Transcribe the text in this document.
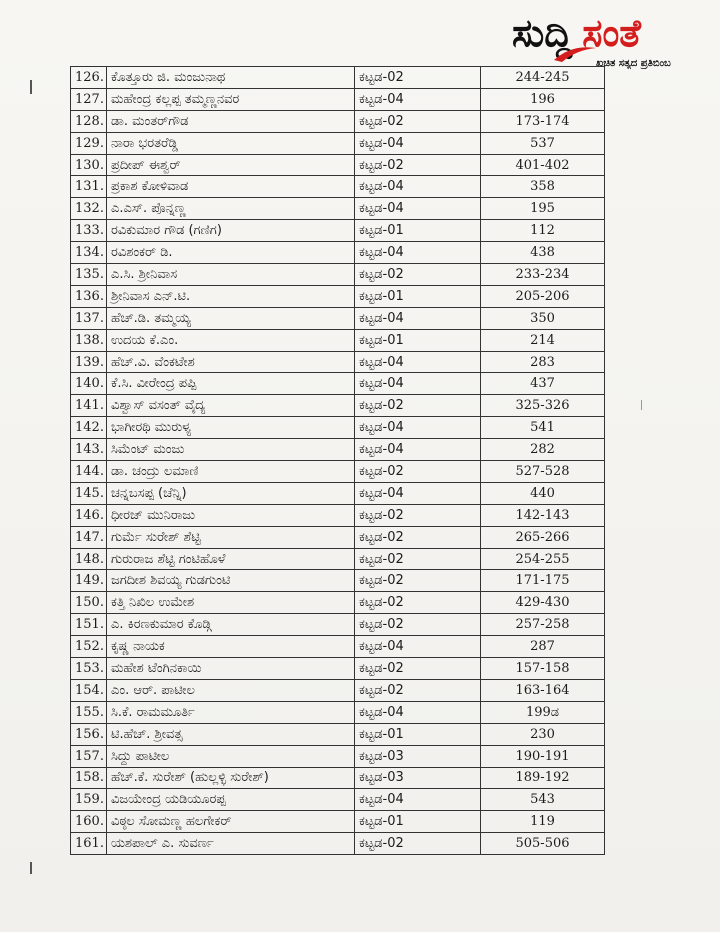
ಸುದ್ದಿ ಸಂತೆ
ಖಚಿತ ಸತ್ಯದ ಪ್ರತಿಬಿಂಬ
126.	ಕೊತ್ತೂರು ಜಿ. ಮಂಜುನಾಥ	ಕಟ್ಟಡ-02	244-245
127.	ಮಹೇಂದ್ರ ಕಲ್ಲಪ್ಪ ತಮ್ಮಣ್ಣನವರ	ಕಟ್ಟಡ-04	196
128.	ಡಾ. ಮಂತರ್‌ಗೌಡ	ಕಟ್ಟಡ-02	173-174
129.	ನಾರಾ ಭರತರೆಡ್ಡಿ	ಕಟ್ಟಡ-04	537
130.	ಪ್ರದೀಪ್ ಈಶ್ವರ್	ಕಟ್ಟಡ-02	401-402
131.	ಪ್ರಕಾಶ ಕೋಳಿವಾಡ	ಕಟ್ಟಡ-04	358
132.	ಎ.ಎಸ್. ಪೊನ್ನಣ್ಣ	ಕಟ್ಟಡ-04	195
133.	ರವಿಕುಮಾರ ಗೌಡ (ಗಣಿಗ)	ಕಟ್ಟಡ-01	112
134.	ರವಿಶಂಕರ್ ಡಿ.	ಕಟ್ಟಡ-04	438
135.	ಎ.ಸಿ. ಶ್ರೀನಿವಾಸ	ಕಟ್ಟಡ-02	233-234
136.	ಶ್ರೀನಿವಾಸ ಎನ್.ಟಿ.	ಕಟ್ಟಡ-01	205-206
137.	ಹೆಚ್.ಡಿ. ತಮ್ಮಯ್ಯ	ಕಟ್ಟಡ-04	350
138.	ಉದಯ ಕೆ.ಎಂ.	ಕಟ್ಟಡ-01	214
139.	ಹೆಚ್.ವಿ. ವೆಂಕಟೇಶ	ಕಟ್ಟಡ-04	283
140.	ಕೆ.ಸಿ. ವೀರೇಂದ್ರ ಪಪ್ಪಿ	ಕಟ್ಟಡ-04	437
141.	ವಿಶ್ವಾಸ್ ವಸಂತ್ ವೈದ್ಯ	ಕಟ್ಟಡ-02	325-326
142.	ಭಾಗೀರಥಿ ಮುರುಳ್ಯ	ಕಟ್ಟಡ-04	541
143.	ಸಿಮೆಂಟ್ ಮಂಜು	ಕಟ್ಟಡ-04	282
144.	ಡಾ. ಚಂದ್ರು ಲಮಾಣಿ	ಕಟ್ಟಡ-02	527-528
145.	ಚನ್ನಬಸಪ್ಪ (ಚೆನ್ನಿ)	ಕಟ್ಟಡ-04	440
146.	ಧೀರಜ್ ಮುನಿರಾಜು	ಕಟ್ಟಡ-02	142-143
147.	ಗುರ್ಮೆ ಸುರೇಶ್ ಶೆಟ್ಟಿ	ಕಟ್ಟಡ-02	265-266
148.	ಗುರುರಾಜ ಶೆಟ್ಟಿ ಗಂಟಿಹೊಳೆ	ಕಟ್ಟಡ-02	254-255
149.	ಜಗದೀಶ ಶಿವಯ್ಯ ಗುಡಗುಂಟಿ	ಕಟ್ಟಡ-02	171-175
150.	ಕತ್ತಿ ನಿಖಿಲ ಉಮೇಶ	ಕಟ್ಟಡ-02	429-430
151.	ಎ. ಕಿರಣಕುಮಾರ ಕೊಡ್ಗಿ	ಕಟ್ಟಡ-02	257-258
152.	ಕೃಷ್ಣ ನಾಯಕ	ಕಟ್ಟಡ-04	287
153.	ಮಹೇಶ ಟೆಂಗಿನಕಾಯಿ	ಕಟ್ಟಡ-02	157-158
154.	ಎಂ. ಆರ್. ಪಾಟೀಲ	ಕಟ್ಟಡ-02	163-164
155.	ಸಿ.ಕೆ. ರಾಮಮೂರ್ತಿ	ಕಟ್ಟಡ-04	199ಡ
156.	ಟಿ.ಹೆಚ್. ಶ್ರೀವತ್ಸ	ಕಟ್ಟಡ-01	230
157.	ಸಿದ್ದು ಪಾಟೀಲ	ಕಟ್ಟಡ-03	190-191
158.	ಹೆಚ್.ಕೆ. ಸುರೇಶ್ (ಹುಲ್ಲಳ್ಳಿ ಸುರೇಶ್)	ಕಟ್ಟಡ-03	189-192
159.	ವಿಜಯೇಂದ್ರ ಯಡಿಯೂರಪ್ಪ	ಕಟ್ಟಡ-04	543
160.	ವಿಠ್ಠಲ ಸೋಮಣ್ಣ ಹಲಗೇಕರ್	ಕಟ್ಟಡ-01	119
161.	ಯಶಪಾಲ್ ಎ. ಸುವರ್ಣ	ಕಟ್ಟಡ-02	505-506
